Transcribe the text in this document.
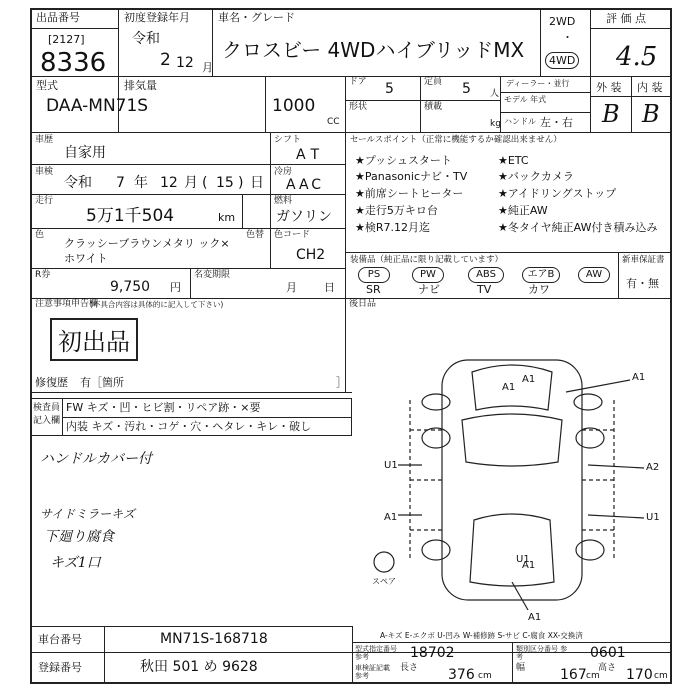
出品番号
[2127]
8336
初度登録年月
令和
2 12 月
車名・グレード
クロスビー 4WDハイブリッドMX
2WD
・
4WD
評 価 点
4.5
型式
DAA-MN71S
排気量
1000
CC
ドア 5	定員 5 人
形状	積載
kg
ディーラー・並行
モデル 年式
ハンドル 左・右
外 装 内 装
B B
車歴
自家用
シフト
AT
車検
令和 7 年 12 月 ( 15 ) 日
冷房
AAC
走行
5万1千504	km
燃料
ガソリン
色
クラッシーブラウンメタリ ック×ホワイト
色替 色コード
CH2
R券
9,750 円
名変期限
月 日
セールスポイント（正常に機能するか確認出来ません）
★プッシュスタート	★ETC
★Panasonicナビ・TV	★バックカメラ
★前席シートヒーター	★アイドリングストップ
★走行5万キロ台	★純正AW
★検R7.12月迄	★冬タイヤ純正AW付き積み込み
装備品（純正品に限り記載しています）	新車保証書
有・無
PS
SR
PW
ナビ
ABS
TV
エアB
カワ
AW
注意事項申告欄
(不具合内容は具体的に記入して下さい)
初出品
修復歴 有［箇所	］
後日品
検査員 記入欄
FW キズ・凹・ヒビ割・リペア跡・×要
内装 キズ・汚れ・コゲ・穴・ヘタレ・キレ・破し
ハンドルカバー付
サイドミラーキズ
下廻り腐食
キズ1口
A1
A1
A2
U1
A1	U1
A1
A1
A1
U1
スペア
A-キズ E-エクボ U-凹み W-補修跡 S-サビ C-腐食 XX-交換済
車台番号	MN71S-168718
登録番号	秋田 501 め 9628
型式指定番号 参考	18702	類別区分番号 参考	0601
車検証記載 参考
長さ 376 cm
幅 167 cm
高さ 170 cm
